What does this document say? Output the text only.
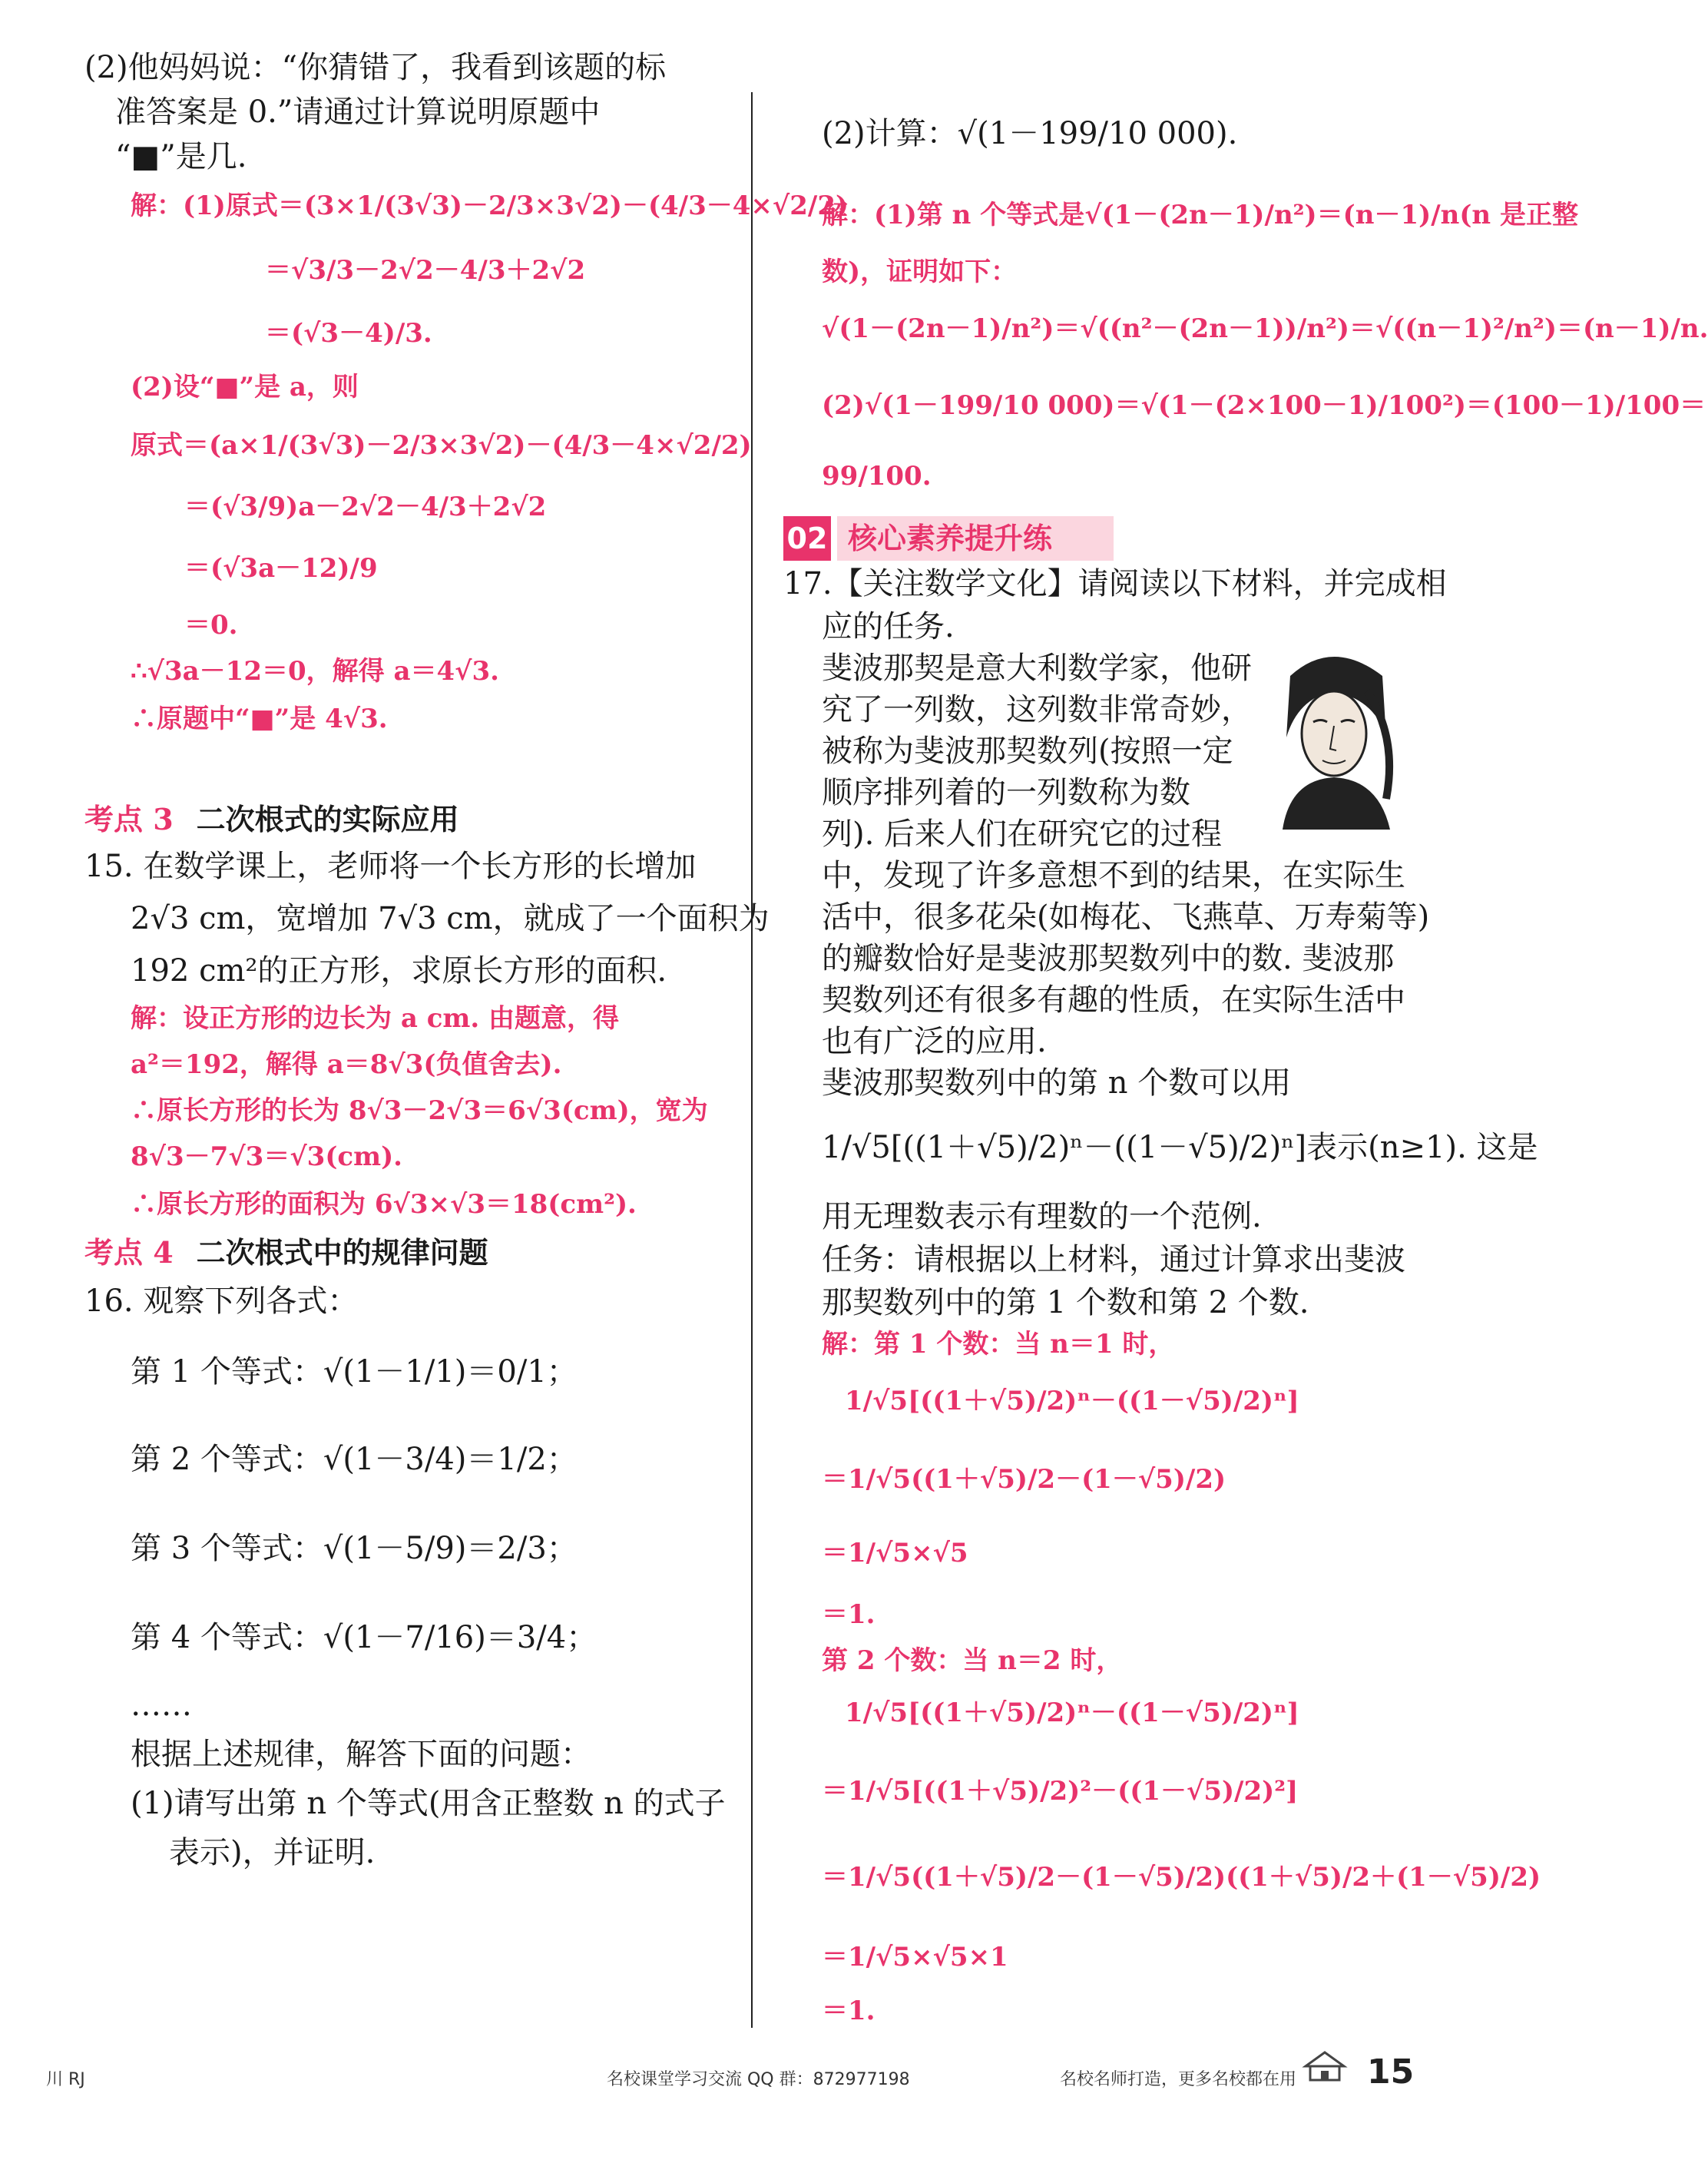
(2)他妈妈说：“你猜错了，我看到该题的标
准答案是 0.”请通过计算说明原题中
“■”是几.
解：(1)原式＝(3×1/(3√3)－2/3×3√2)－(4/3－4×√2/2)
＝√3/3－2√2－4/3＋2√2
＝(√3－4)/3.
(2)设“■”是 a，则
原式＝(a×1/(3√3)－2/3×3√2)－(4/3－4×√2/2)
＝(√3/9)a－2√2－4/3＋2√2
＝(√3a－12)/9
＝0.
∴√3a－12＝0，解得 a＝4√3.
∴原题中“■”是 4√3.
考点 3 二次根式的实际应用
15. 在数学课上，老师将一个长方形的长增加
2√3 cm，宽增加 7√3 cm，就成了一个面积为
192 cm²的正方形，求原长方形的面积.
解：设正方形的边长为 a cm. 由题意，得
a²＝192，解得 a＝8√3(负值舍去).
∴原长方形的长为 8√3－2√3＝6√3(cm)，宽为
8√3－7√3＝√3(cm).
∴原长方形的面积为 6√3×√3＝18(cm²).
考点 4 二次根式中的规律问题
16. 观察下列各式：
第 1 个等式：√(1－1/1)＝0/1；
第 2 个等式：√(1－3/4)＝1/2；
第 3 个等式：√(1－5/9)＝2/3；
第 4 个等式：√(1－7/16)＝3/4；
……
根据上述规律，解答下面的问题：
(1)请写出第 n 个等式(用含正整数 n 的式子
表示)，并证明.
(2)计算：√(1－199/10 000).
解：(1)第 n 个等式是√(1－(2n－1)/n²)＝(n－1)/n(n 是正整
数)，证明如下：
√(1－(2n－1)/n²)＝√((n²－(2n－1))/n²)＝√((n－1)²/n²)＝(n－1)/n.
(2)√(1－199/10 000)＝√(1－(2×100－1)/100²)＝(100－1)/100＝
99/100.
02 核心素养提升练
17.【关注数学文化】请阅读以下材料，并完成相
应的任务.
斐波那契是意大利数学家，他研
究了一列数，这列数非常奇妙，
被称为斐波那契数列(按照一定
顺序排列着的一列数称为数
列). 后来人们在研究它的过程
中，发现了许多意想不到的结果，在实际生
活中，很多花朵(如梅花、飞燕草、万寿菊等)
的瓣数恰好是斐波那契数列中的数. 斐波那
契数列还有很多有趣的性质，在实际生活中
也有广泛的应用.
斐波那契数列中的第 n 个数可以用
1/√5[((1＋√5)/2)ⁿ－((1－√5)/2)ⁿ]表示(n≥1). 这是
用无理数表示有理数的一个范例.
任务：请根据以上材料，通过计算求出斐波
那契数列中的第 1 个数和第 2 个数.
解：第 1 个数：当 n＝1 时，
1/√5[((1＋√5)/2)ⁿ－((1－√5)/2)ⁿ]
＝1/√5((1＋√5)/2－(1－√5)/2)
＝1/√5×√5
＝1.
第 2 个数：当 n＝2 时，
1/√5[((1＋√5)/2)ⁿ－((1－√5)/2)ⁿ]
＝1/√5[((1＋√5)/2)²－((1－√5)/2)²]
＝1/√5((1＋√5)/2－(1－√5)/2)((1＋√5)/2＋(1－√5)/2)
＝1/√5×√5×1
＝1.
川 RJ	名校课堂学习交流 QQ 群：872977198	名校名师打造，更多名校都在用 15
